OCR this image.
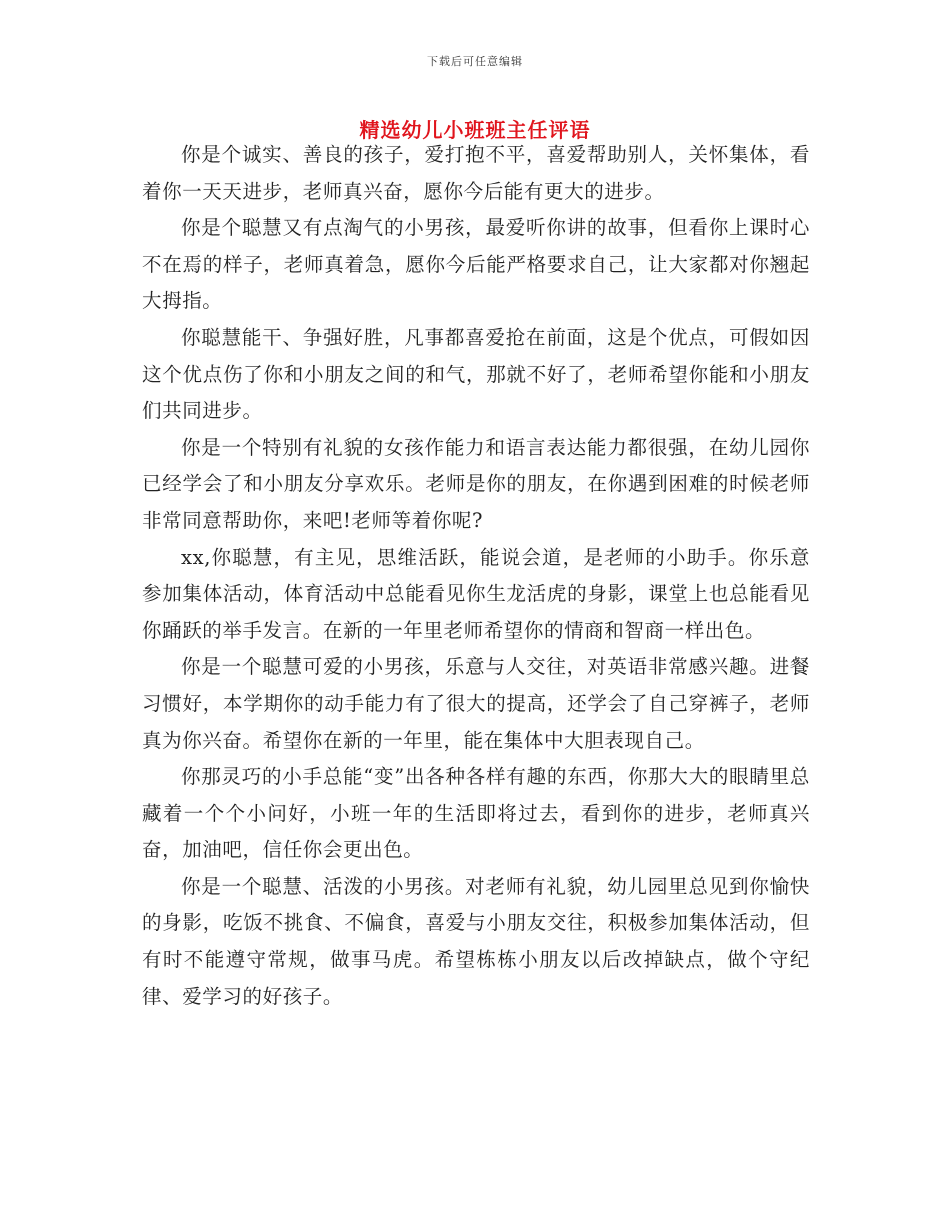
下载后可任意编辑
精选幼儿小班班主任评语

你是个诚实、善良的孩子，爱打抱不平，喜爱帮助别人，关怀集体，看着你一天天进步，老师真兴奋，愿你今后能有更大的进步。

你是个聪慧又有点淘气的小男孩，最爱听你讲的故事，但看你上课时心不在焉的样子，老师真着急，愿你今后能严格要求自己，让大家都对你翘起大拇指。

你聪慧能干、争强好胜，凡事都喜爱抢在前面，这是个优点，可假如因这个优点伤了你和小朋友之间的和气，那就不好了，老师希望你能和小朋友们共同进步。

你是一个特别有礼貌的女孩作能力和语言表达能力都很强，在幼儿园你已经学会了和小朋友分享欢乐。老师是你的朋友，在你遇到困难的时候老师非常同意帮助你，来吧!老师等着你呢?

xx,你聪慧，有主见，思维活跃，能说会道，是老师的小助手。你乐意参加集体活动，体育活动中总能看见你生龙活虎的身影，课堂上也总能看见你踊跃的举手发言。在新的一年里老师希望你的情商和智商一样出色。

你是一个聪慧可爱的小男孩，乐意与人交往，对英语非常感兴趣。进餐习惯好，本学期你的动手能力有了很大的提高，还学会了自己穿裤子，老师真为你兴奋。希望你在新的一年里，能在集体中大胆表现自己。

你那灵巧的小手总能“变”出各种各样有趣的东西，你那大大的眼睛里总藏着一个个小问好，小班一年的生活即将过去，看到你的进步，老师真兴奋，加油吧，信任你会更出色。

你是一个聪慧、活泼的小男孩。对老师有礼貌，幼儿园里总见到你愉快的身影，吃饭不挑食、不偏食，喜爱与小朋友交往，积极参加集体活动，但有时不能遵守常规，做事马虎。希望栋栋小朋友以后改掉缺点，做个守纪律、爱学习的好孩子。
